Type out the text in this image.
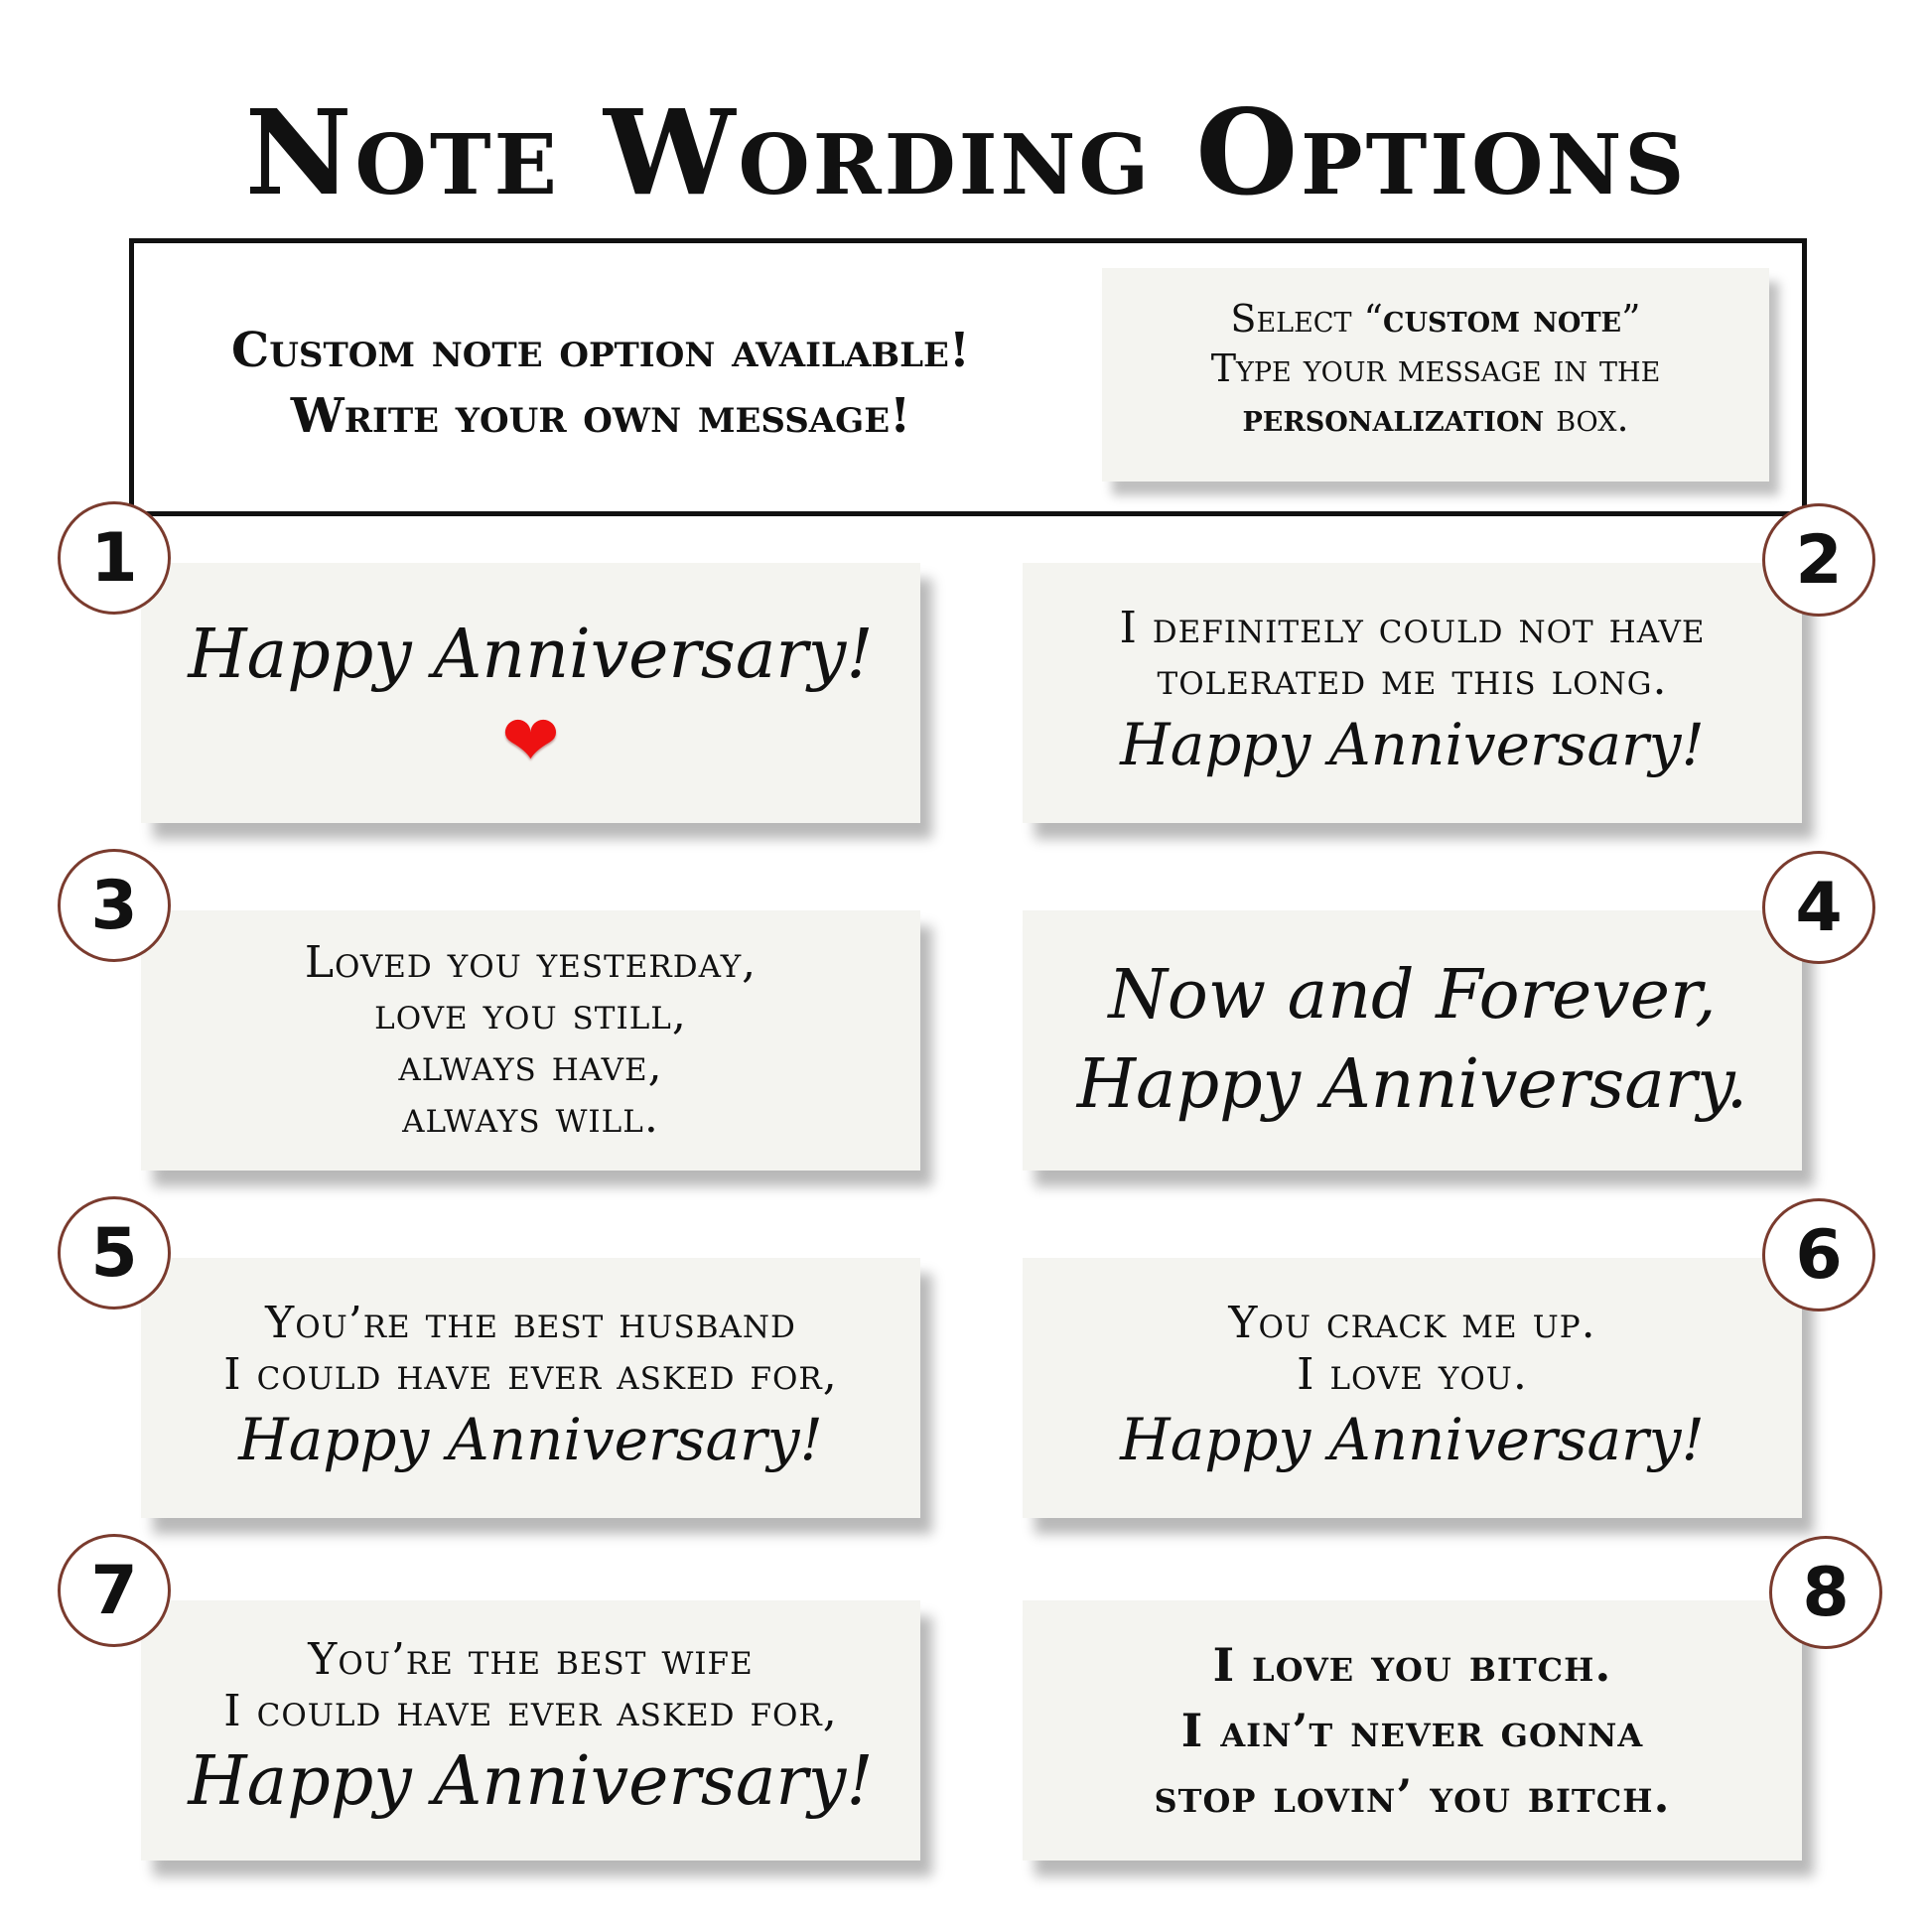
Note Wording Options
Custom note option available!
Write your own message!
Select “custom note”
Type your message in the
personalization box.
Happy Anniversary!
❤
1
I definitely could not have
tolerated me this long.
Happy Anniversary!
2
Loved you yesterday,
love you still,
always have,
always will.
3
Now and Forever,
Happy Anniversary.
4
You’re the best husband
I could have ever asked for,
Happy Anniversary!
5
You crack me up.
I love you.
Happy Anniversary!
6
You’re the best wife
I could have ever asked for,
Happy Anniversary!
7
I love you bitch.
I ain’t never gonna
stop lovin’ you bitch.
8
